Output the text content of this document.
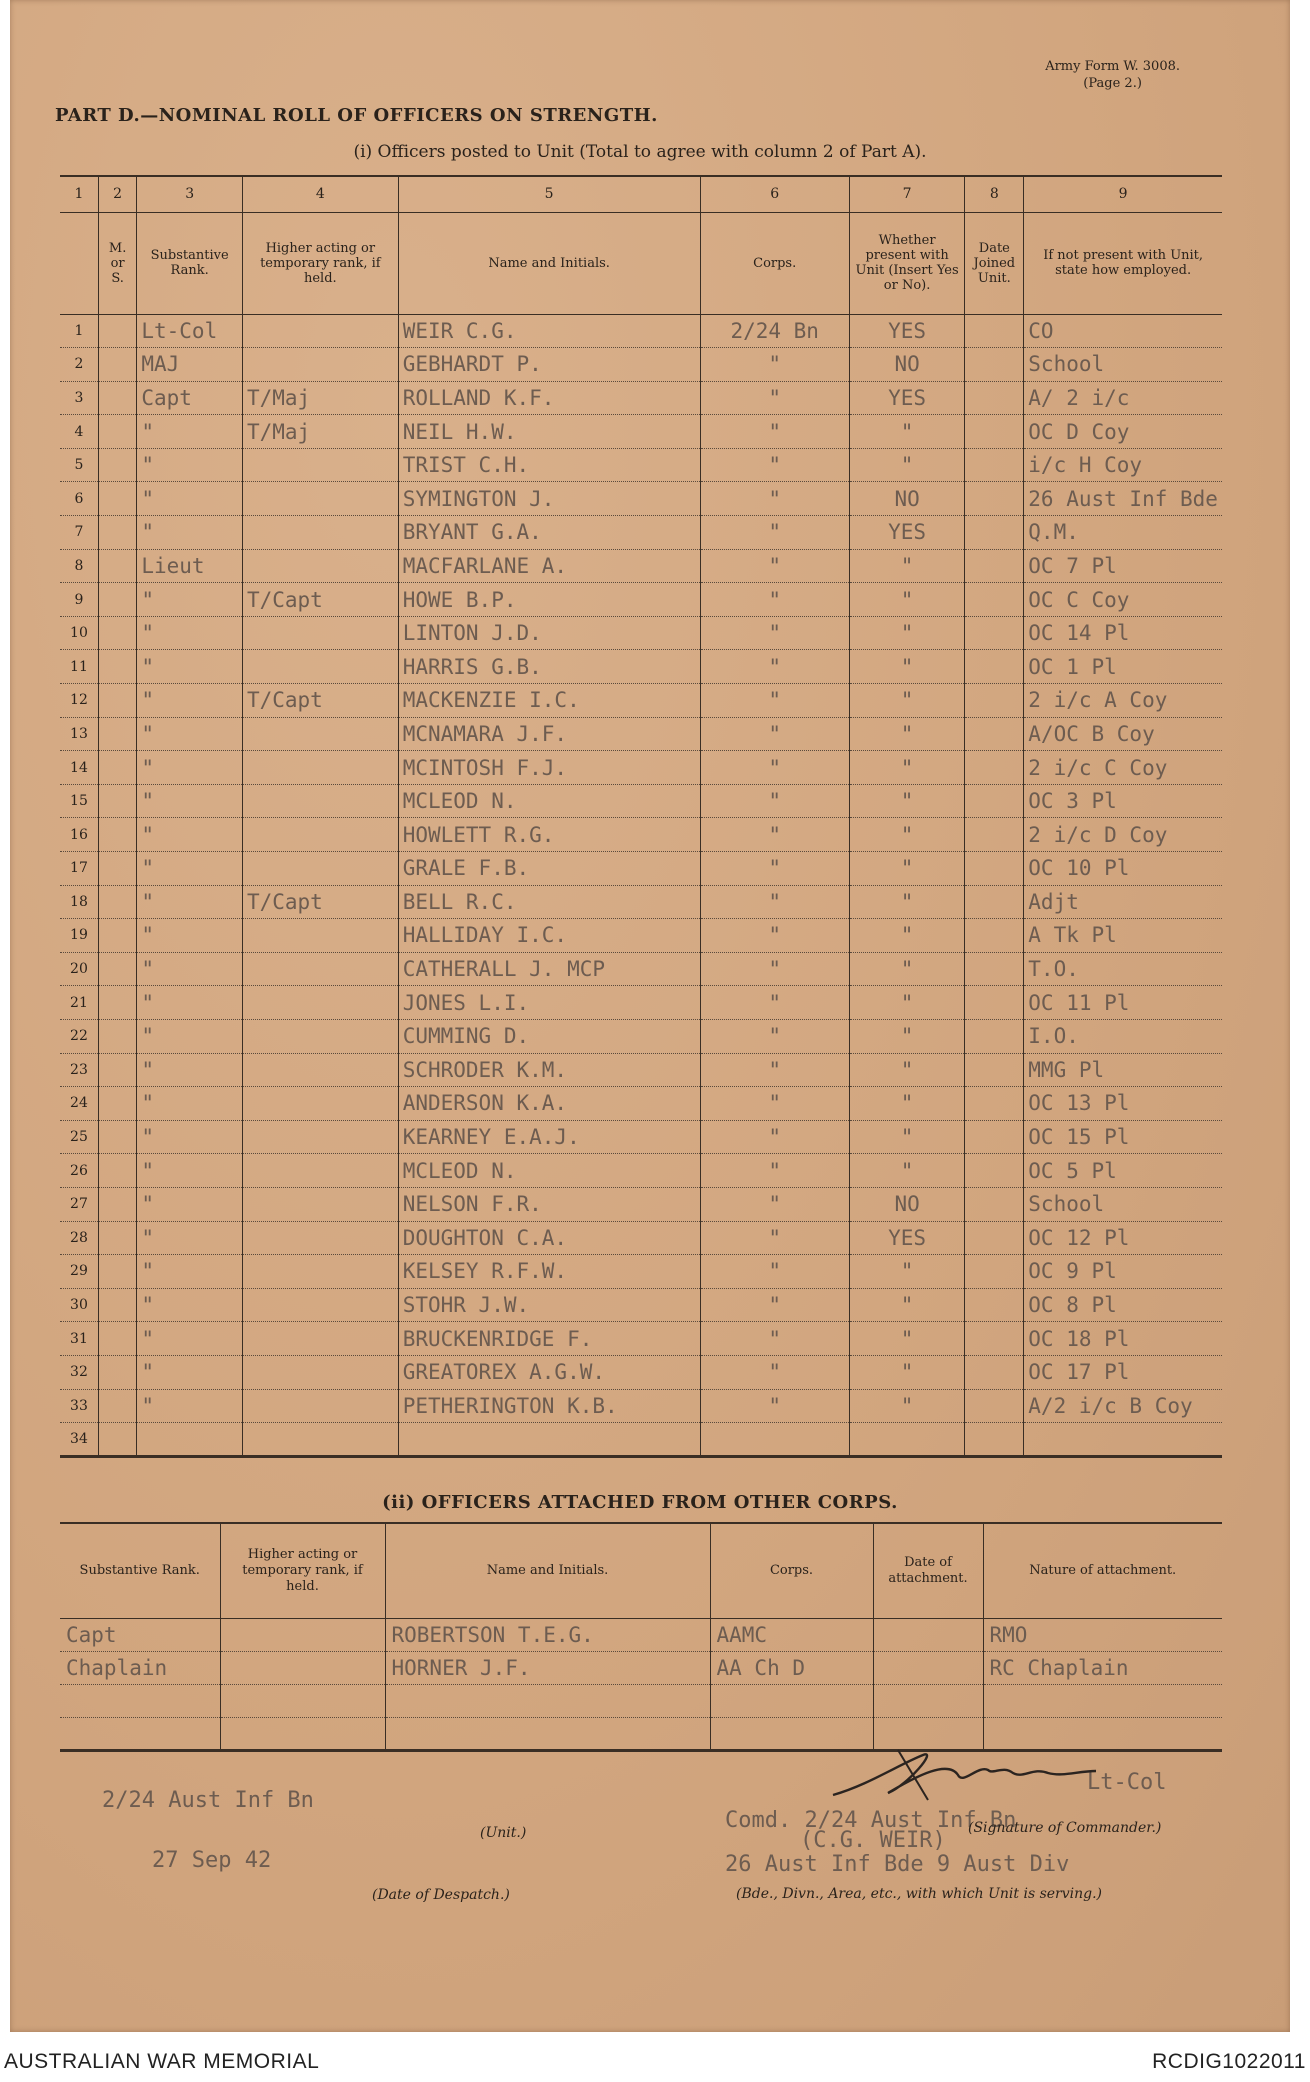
Army Form W. 3008.
(Page 2.)
PART D.—NOMINAL ROLL OF OFFICERS ON STRENGTH.
(i) Officers posted to Unit (Total to agree with column 2 of Part A).
1	2	3	4	5	6	7	8	9
	M. or S.	Substantive Rank.	Higher acting or temporary rank, if held.	Name and Initials.	Corps.	Whether present with Unit (Insert Yes or No).	Date Joined Unit.	If not present with Unit, state how employed.
1		Lt-Col		WEIR C.G.	2/24 Bn	YES		CO
2		MAJ		GEBHARDT P.	"	NO		School
3		Capt	T/Maj	ROLLAND K.F.	"	YES		A/ 2 i/c
4		"	T/Maj	NEIL H.W.	"	"		OC D Coy
5		"		TRIST C.H.	"	"		i/c H Coy
6		"		SYMINGTON J.	"	NO		26 Aust Inf Bde
7		"		BRYANT G.A.	"	YES		Q.M.
8		Lieut		MACFARLANE A.	"	"		OC 7 Pl
9		"	T/Capt	HOWE B.P.	"	"		OC C Coy
10		"		LINTON J.D.	"	"		OC 14 Pl
11		"		HARRIS G.B.	"	"		OC 1 Pl
12		"	T/Capt	MACKENZIE I.C.	"	"		2 i/c A Coy
13		"		MCNAMARA J.F.	"	"		A/OC B Coy
14		"		MCINTOSH F.J.	"	"		2 i/c C Coy
15		"		MCLEOD N.	"	"		OC 3 Pl
16		"		HOWLETT R.G.	"	"		2 i/c D Coy
17		"		GRALE F.B.	"	"		OC 10 Pl
18		"	T/Capt	BELL R.C.	"	"		Adjt
19		"		HALLIDAY I.C.	"	"		A Tk Pl
20		"		CATHERALL J. MCP	"	"		T.O.
21		"		JONES L.I.	"	"		OC 11 Pl
22		"		CUMMING D.	"	"		I.O.
23		"		SCHRODER K.M.	"	"		MMG Pl
24		"		ANDERSON K.A.	"	"		OC 13 Pl
25		"		KEARNEY E.A.J.	"	"		OC 15 Pl
26		"		MCLEOD N.	"	"		OC 5 Pl
27		"		NELSON F.R.	"	NO		School
28		"		DOUGHTON C.A.	"	YES		OC 12 Pl
29		"		KELSEY R.F.W.	"	"		OC 9 Pl
30		"		STOHR J.W.	"	"		OC 8 Pl
31		"		BRUCKENRIDGE F.	"	"		OC 18 Pl
32		"		GREATOREX A.G.W.	"	"		OC 17 Pl
33		"		PETHERINGTON K.B.	"	"		A/2 i/c B Coy
34								
(ii) OFFICERS ATTACHED FROM OTHER CORPS.
Substantive Rank.	Higher acting or temporary rank, if held.	Name and Initials.	Corps.	Date of attachment.	Nature of attachment.
Capt		ROBERTSON T.E.G.	AAMC		RMO
Chaplain		HORNER J.F.	AA Ch D		RC Chaplain

2/24 Aust Inf Bn
(Unit.)
27 Sep 42
(Date of Despatch.)
Lt-Col
Comd. 2/24 Aust Inf Bn
(C.G. WEIR) (Signature of Commander.)
26 Aust Inf Bde 9 Aust Div
(Bde., Divn., Area, etc., with which Unit is serving.)
AUSTRALIAN WAR MEMORIAL	RCDIG1022011
